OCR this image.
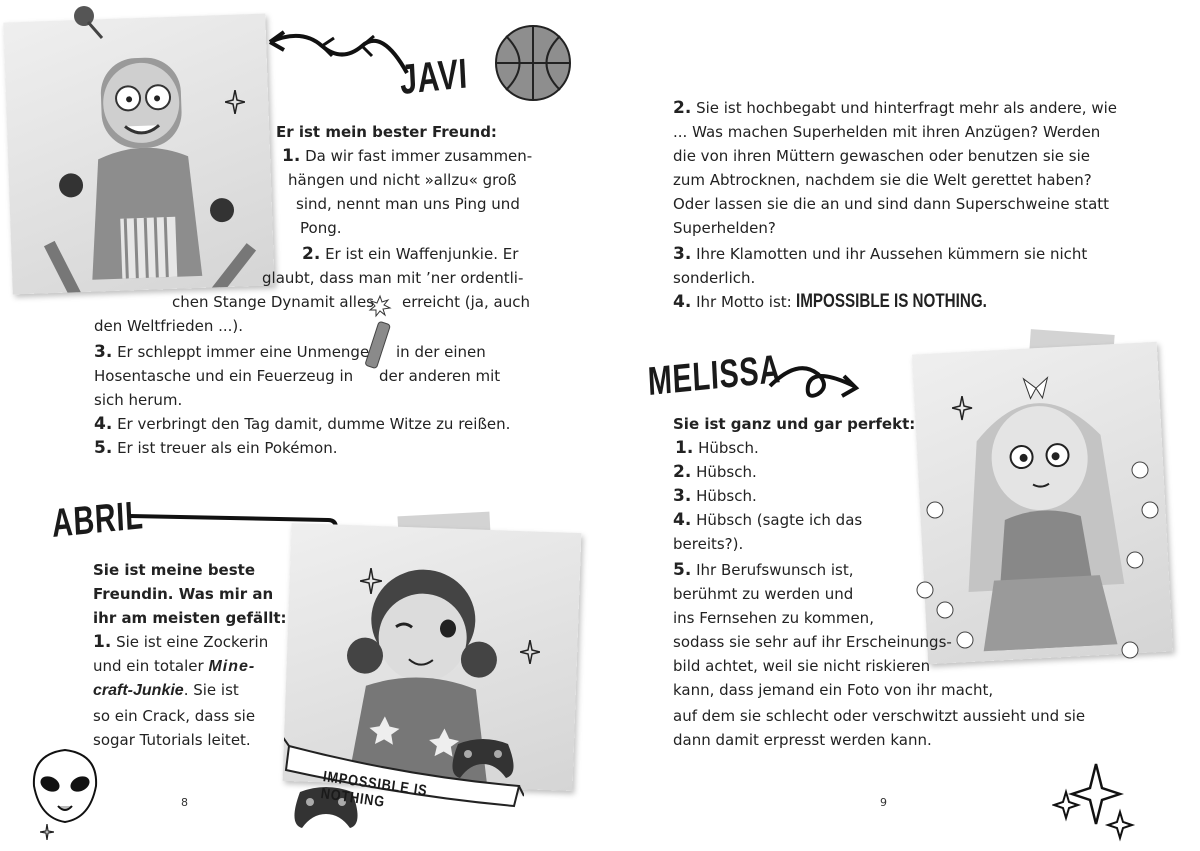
JAVI
Er ist mein bester Freund:
1. Da wir fast immer zusammen-
hängen und nicht »allzu« groß
sind, nennt man uns Ping und
Pong.
2. Er ist ein Waffenjunkie. Er
glaubt, dass man mit ’ner ordentli-
chen Stange Dynamit alles erreicht (ja, auch
den Weltfrieden ...).
3. Er schleppt immer eine Unmenge in der einen
Hosentasche und ein Feuerzeug in der anderen mit
sich herum.
4. Er verbringt den Tag damit, dumme Witze zu reißen.
5. Er ist treuer als ein Pokémon.
ABRIL
IMPOSSIBLE IS NOTHING
Sie ist meine beste
Freundin. Was mir an
ihr am meisten gefällt:
1. Sie ist eine Zockerin
und ein totaler Mine-
craft-Junkie. Sie ist
so ein Crack, dass sie
sogar Tutorials leitet.
8
2. Sie ist hochbegabt und hinterfragt mehr als andere, wie
... Was machen Superhelden mit ihren Anzügen? Werden
die von ihren Müttern gewaschen oder benutzen sie sie
zum Abtrocknen, nachdem sie die Welt gerettet haben?
Oder lassen sie die an und sind dann Superschweine statt
Superhelden?
3. Ihre Klamotten und ihr Aussehen kümmern sie nicht
sonderlich.
4. Ihr Motto ist: IMPOSSIBLE IS NOTHING.
MELISSA
Sie ist ganz und gar perfekt:
1. Hübsch.
2. Hübsch.
3. Hübsch.
4. Hübsch (sagte ich das
bereits?).
5. Ihr Berufswunsch ist,
berühmt zu werden und
ins Fernsehen zu kommen,
sodass sie sehr auf ihr Erscheinungs-
bild achtet, weil sie nicht riskieren
kann, dass jemand ein Foto von ihr macht,
auf dem sie schlecht oder verschwitzt aussieht und sie
dann damit erpresst werden kann.
9
